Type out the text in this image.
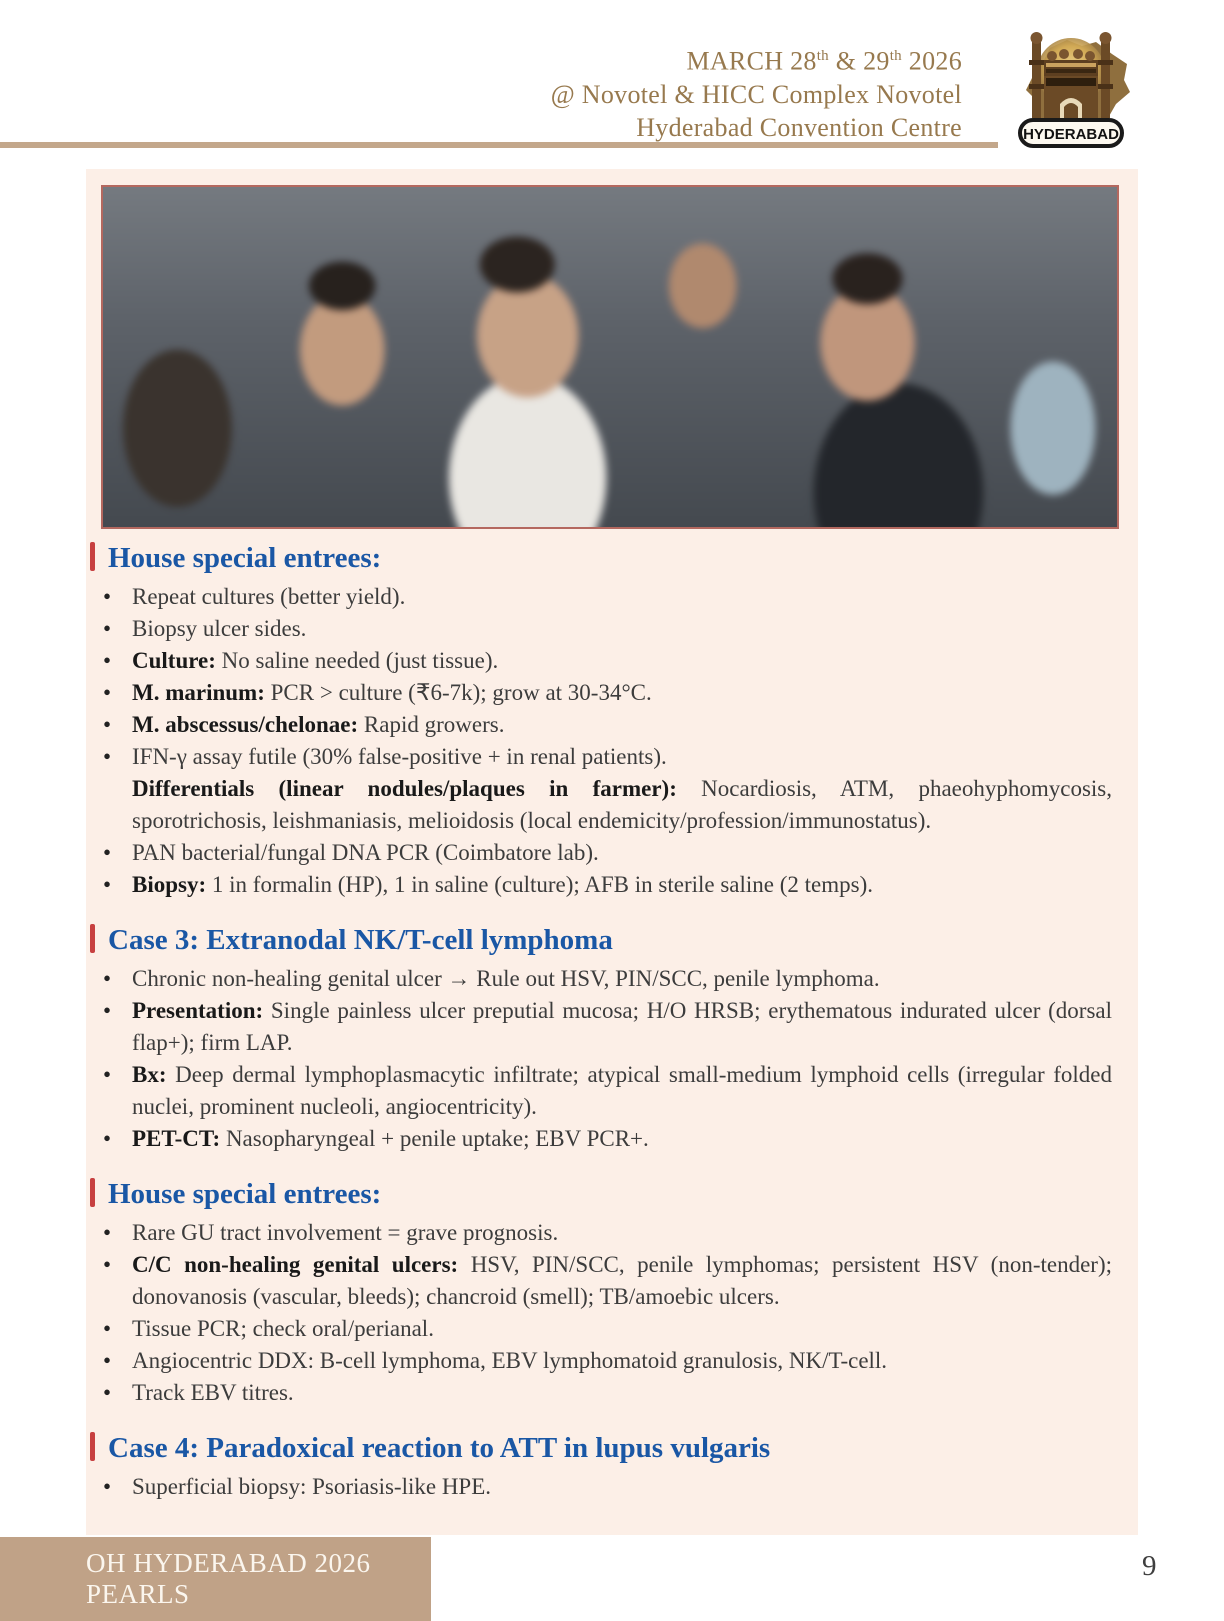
MARCH 28th & 29th 2026
@ Novotel & HICC Complex Novotel
Hyderabad Convention Centre	HYDERABAD
House special entrees:
• Repeat cultures (better yield).

• Biopsy ulcer sides.

• Culture: No saline needed (just tissue).

• M. marinum: PCR > culture (₹6-7k); grow at 30-34°C.

• M. abscessus/chelonae: Rapid growers.

• IFN-γ assay futile (30% false-positive + in renal patients).

Differentials (linear nodules/plaques in farmer): Nocardiosis, ATM, phaeohyphomycosis, sporotrichosis, leishmaniasis, melioidosis (local endemicity/profession/immunostatus).

• PAN bacterial/fungal DNA PCR (Coimbatore lab).

• Biopsy: 1 in formalin (HP), 1 in saline (culture); AFB in sterile saline (2 temps).

Case 3: Extranodal NK/T-cell lymphoma
• Chronic non-healing genital ulcer → Rule out HSV, PIN/SCC, penile lymphoma.

• Presentation: Single painless ulcer preputial mucosa; H/O HRSB; erythematous indurated ulcer (dorsal flap+); firm LAP.

• Bx: Deep dermal lymphoplasmacytic infiltrate; atypical small-medium lymphoid cells (irregular folded nuclei, prominent nucleoli, angiocentricity).

• PET-CT: Nasopharyngeal + penile uptake; EBV PCR+.

House special entrees:
• Rare GU tract involvement = grave prognosis.

• C/C non-healing genital ulcers: HSV, PIN/SCC, penile lymphomas; persistent HSV (non-tender); donovanosis (vascular, bleeds); chancroid (smell); TB/amoebic ulcers.

• Tissue PCR; check oral/perianal.

• Angiocentric DDX: B-cell lymphoma, EBV lymphomatoid granulosis, NK/T-cell.

• Track EBV titres.

Case 4: Paradoxical reaction to ATT in lupus vulgaris
• Superficial biopsy: Psoriasis-like HPE.

OH HYDERABAD 2026 PEARLS
9
